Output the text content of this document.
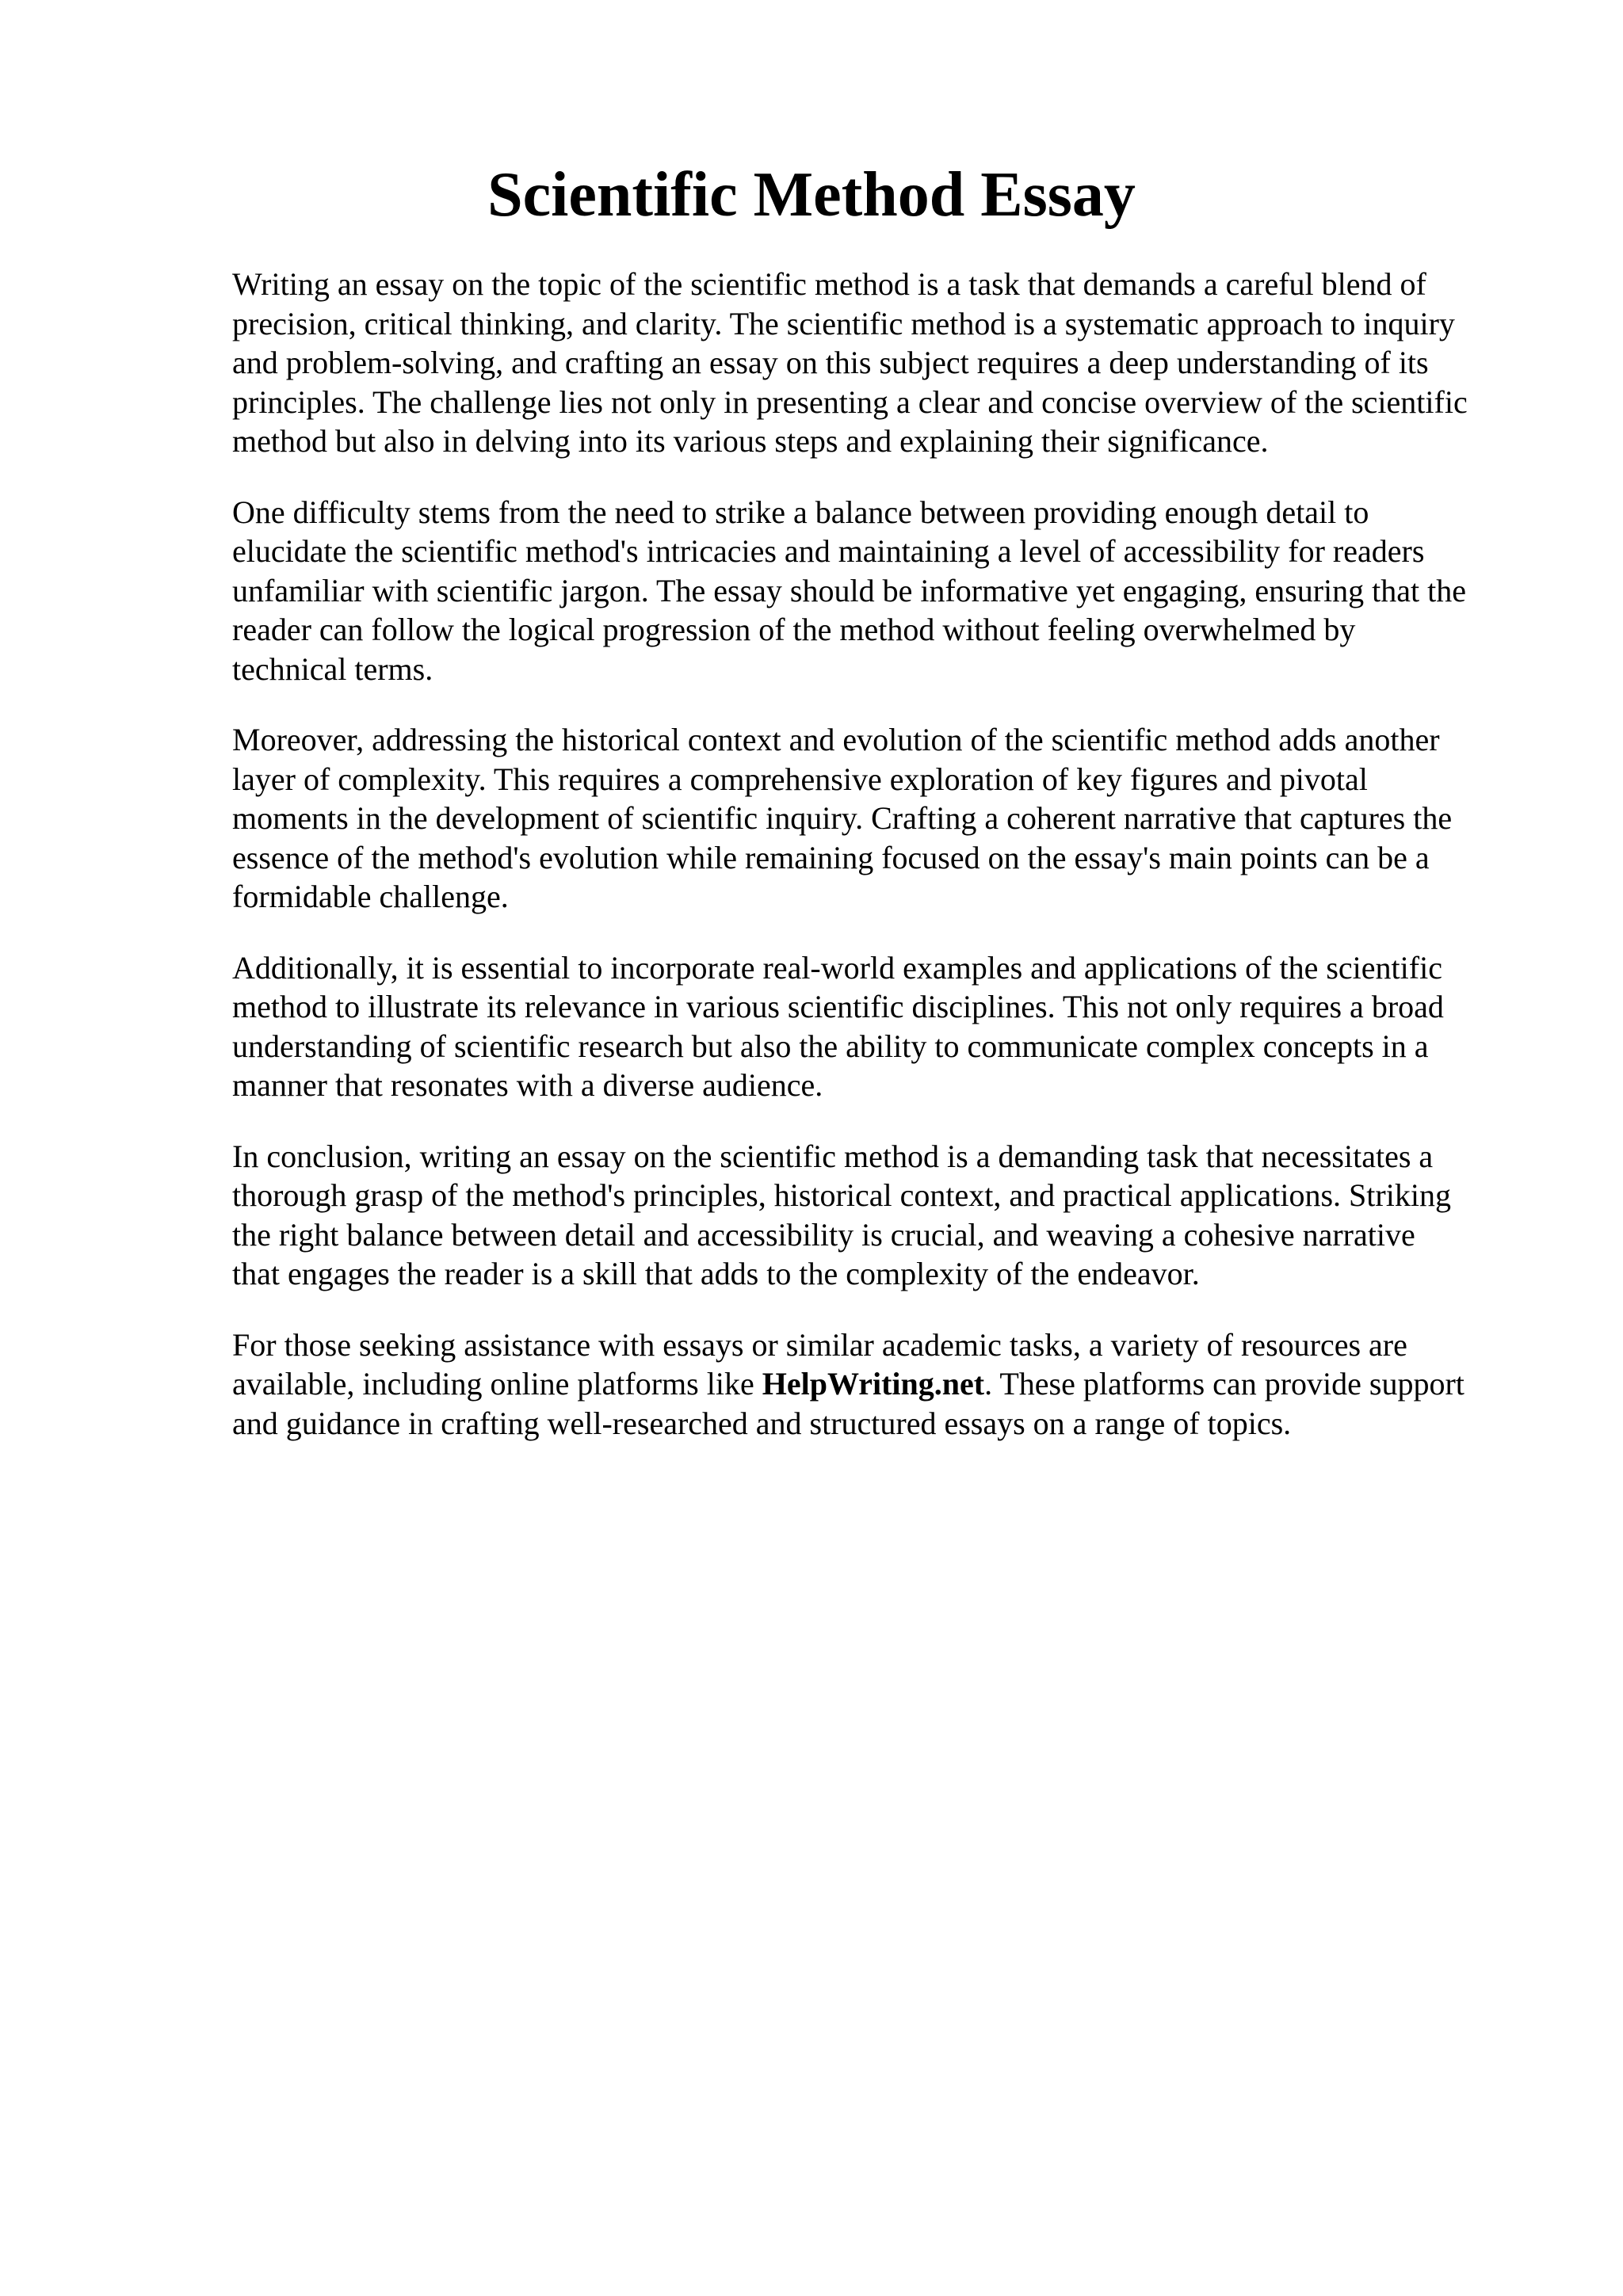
Scientific Method Essay

Writing an essay on the topic of the scientific method is a task that demands a careful blend of
precision, critical thinking, and clarity. The scientific method is a systematic approach to inquiry
and problem-solving, and crafting an essay on this subject requires a deep understanding of its
principles. The challenge lies not only in presenting a clear and concise overview of the scientific
method but also in delving into its various steps and explaining their significance.

One difficulty stems from the need to strike a balance between providing enough detail to
elucidate the scientific method's intricacies and maintaining a level of accessibility for readers
unfamiliar with scientific jargon. The essay should be informative yet engaging, ensuring that the
reader can follow the logical progression of the method without feeling overwhelmed by
technical terms.

Moreover, addressing the historical context and evolution of the scientific method adds another
layer of complexity. This requires a comprehensive exploration of key figures and pivotal
moments in the development of scientific inquiry. Crafting a coherent narrative that captures the
essence of the method's evolution while remaining focused on the essay's main points can be a
formidable challenge.

Additionally, it is essential to incorporate real-world examples and applications of the scientific
method to illustrate its relevance in various scientific disciplines. This not only requires a broad
understanding of scientific research but also the ability to communicate complex concepts in a
manner that resonates with a diverse audience.

In conclusion, writing an essay on the scientific method is a demanding task that necessitates a
thorough grasp of the method's principles, historical context, and practical applications. Striking
the right balance between detail and accessibility is crucial, and weaving a cohesive narrative
that engages the reader is a skill that adds to the complexity of the endeavor.

For those seeking assistance with essays or similar academic tasks, a variety of resources are
available, including online platforms like HelpWriting.net. These platforms can provide support
and guidance in crafting well-researched and structured essays on a range of topics.
